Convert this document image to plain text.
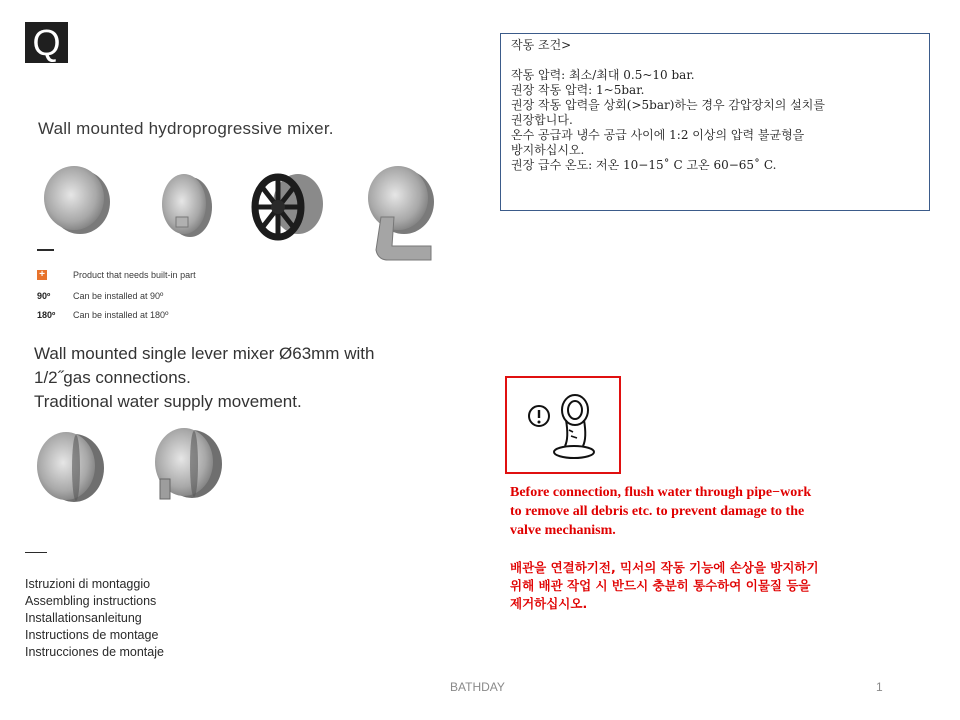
Q
Wall mounted hydroprogressive mixer.
+	Product that needs built-in part
90º	Can be installed at 90º
180º	Can be installed at 180º
Wall mounted single lever mixer Ø63mm with
1/2˝gas connections.
Traditional water supply movement.
Istruzioni di montaggio
Assembling instructions
Installationsanleitung
Instructions de montage
Instrucciones de montaje
작동 조건>
작동 압력: 최소/최대 0.5~10 bar.
권장 작동 압력: 1~5bar.
권장 작동 압력을 상회(>5bar)하는 경우 감압장치의 설치를
권장합니다.
온수 공급과 냉수 공급 사이에 1:2 이상의 압력 불균형을
방지하십시오.
권장 급수 온도: 저온 10−15˚ C 고온 60−65˚ C.
Before connection, flush water through pipe−work
to remove all debris etc. to prevent damage to the
valve mechanism.
배관을 연결하기전, 믹서의 작동 기능에 손상을 방지하기
위해 배관 작업 시 반드시 충분히 통수하여 이물질 등을
제거하십시오.
BATHDAY	1
